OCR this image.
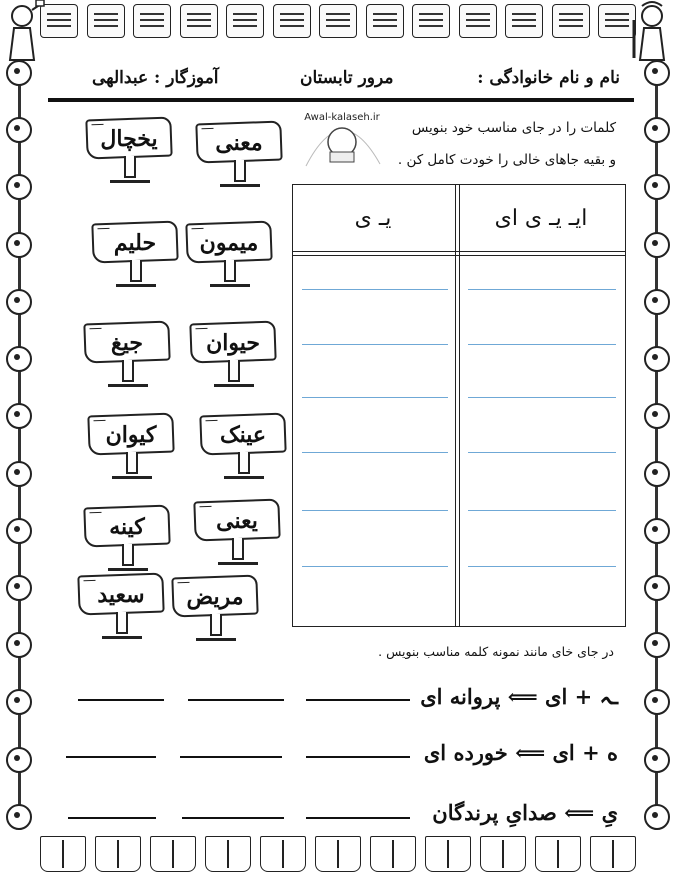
نام و نام خانوادگی :
مرور تابستان
آموزگار : عبدالهی
Awal-kalaseh.ir
کلمات را در جای مناسب خود بنویس
و بقیه جاهای خالی را خودت کامل کن .
یخچال	معنی
حلیم	میمون
جیغ	حیوان
کیوان	عینک
کینه	یعنی
سعید	مریض
ایـ یـ ی ای
یـ ی
در جای خای مانند نمونه کلمه مناسب بنویس .
ـہ + ای ⟸ پروانه ای
ه + ای ⟸ خورده ای
یِ ⟸ صدایِ پرندگان
